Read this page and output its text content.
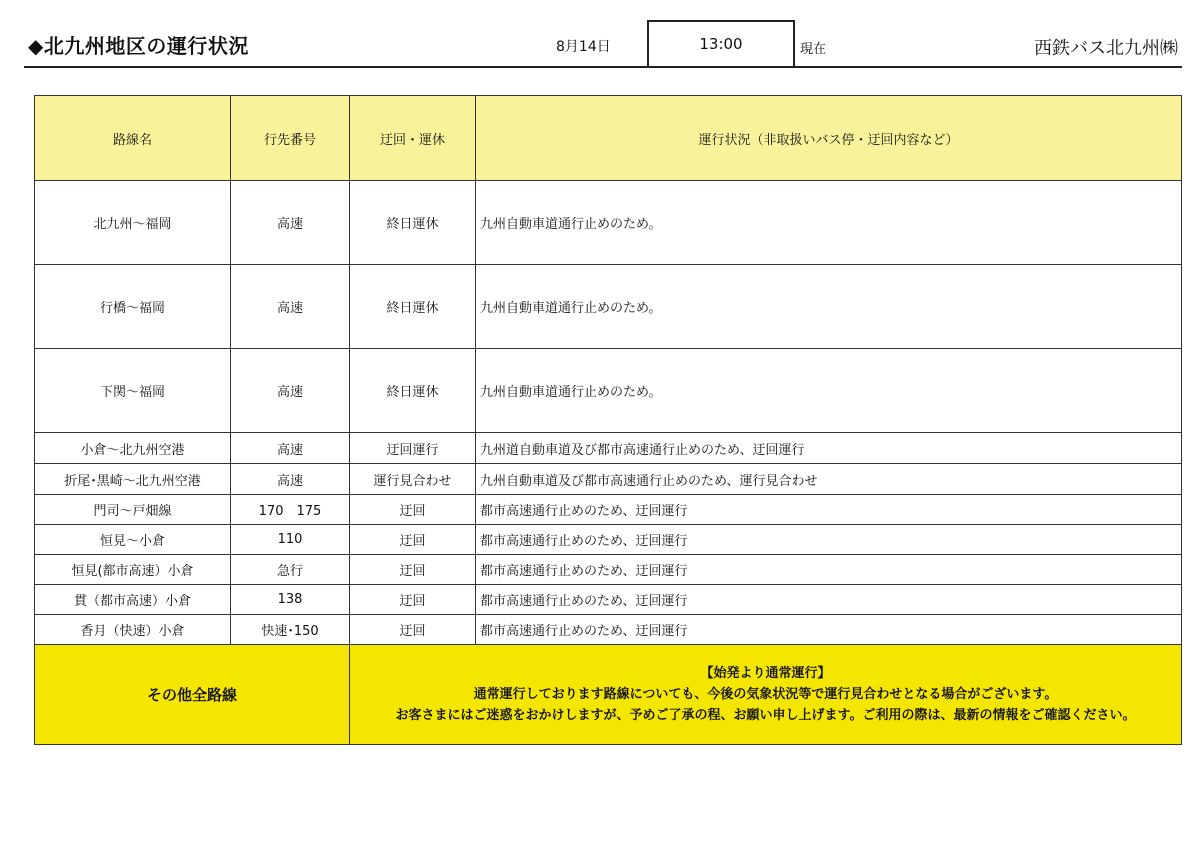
◆北九州地区の運行状況	8月14日	13:00	現在	西鉄バス北九州㈱
路線名	行先番号	迂回・運休	運行状況（非取扱いバス停・迂回内容など）
北九州～福岡	高速	終日運休	九州自動車道通行止めのため。
行橋～福岡	高速	終日運休	九州自動車道通行止めのため。
下関～福岡	高速	終日運休	九州自動車道通行止めのため。
小倉～北九州空港	高速	迂回運行	九州道自動車道及び都市高速通行止めのため、迂回運行
折尾･黒崎～北九州空港	高速	運行見合わせ	九州自動車道及び都市高速通行止めのため、運行見合わせ
門司～戸畑線	170　175	迂回	都市高速通行止めのため、迂回運行
恒見～小倉	110	迂回	都市高速通行止めのため、迂回運行
恒見(都市高速）小倉	急行	迂回	都市高速通行止めのため、迂回運行
貫（都市高速）小倉	138	迂回	都市高速通行止めのため、迂回運行
香月（快速）小倉	快速･150	迂回	都市高速通行止めのため、迂回運行
その他全路線		【始発より通常運行】
通常運行しております路線についても、今後の気象状況等で運行見合わせとなる場合がございます。
お客さまにはご迷惑をおかけしますが、予めご了承の程、お願い申し上げます。ご利用の際は、最新の情報をご確認ください。	
